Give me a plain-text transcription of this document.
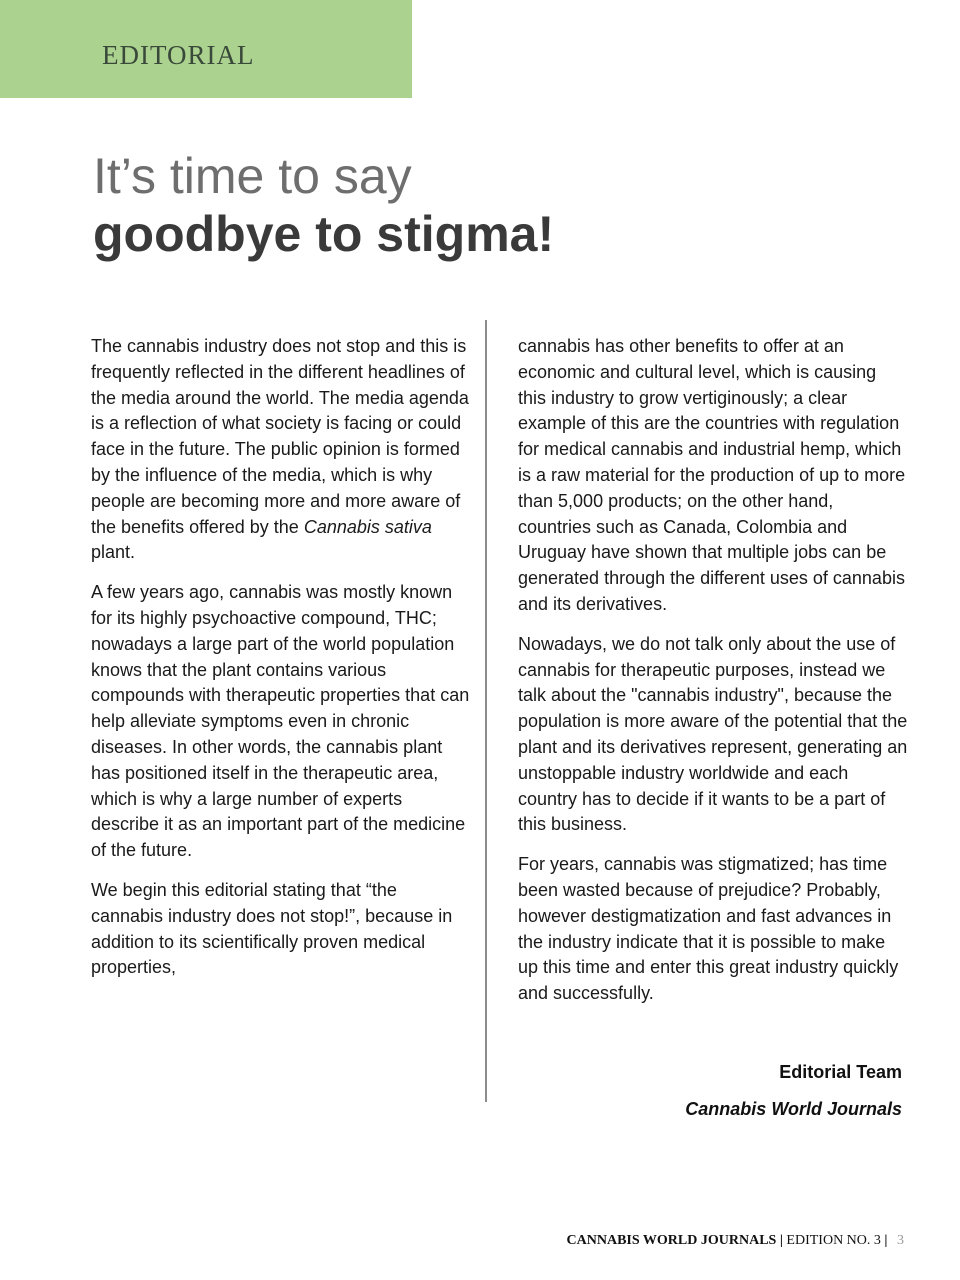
EDITORIAL
It’s time to say
goodbye to stigma!

The cannabis industry does not stop and this is frequently reflected in the different headlines of the media around the world. The media agenda is a reflection of what society is facing or could face in the future. The public opinion is formed by the influence of the media, which is why people are becoming more and more aware of the benefits offered by the Cannabis sativa plant.

A few years ago, cannabis was mostly known for its highly psychoactive compound, THC; nowadays a large part of the world population knows that the plant contains various compounds with therapeutic properties that can help alleviate symptoms even in chronic diseases. In other words, the cannabis plant has positioned itself in the therapeutic area, which is why a large number of experts describe it as an important part of the medicine of the future.

We begin this editorial stating that “the cannabis industry does not stop!”, because in addition to its scientifically proven medical properties,

cannabis has other benefits to offer at an economic and cultural level, which is causing this industry to grow vertiginously; a clear example of this are the countries with regulation for medical cannabis and industrial hemp, which is a raw material for the production of up to more than 5,000 products; on the other hand, countries such as Canada, Colombia and Uruguay have shown that multiple jobs can be generated through the different uses of cannabis and its derivatives.

Nowadays, we do not talk only about the use of cannabis for therapeutic purposes, instead we talk about the "cannabis industry", because the population is more aware of the potential that the plant and its derivatives represent, generating an unstoppable industry worldwide and each country has to decide if it wants to be a part of this business.

For years, cannabis was stigmatized; has time been wasted because of prejudice? Probably, however destigmatization and fast advances in the industry indicate that it is possible to make up this time and enter this great industry quickly and successfully.

Editorial Team
Cannabis World Journals
CANNABIS WORLD JOURNALS | EDITION NO. 3 | 3
